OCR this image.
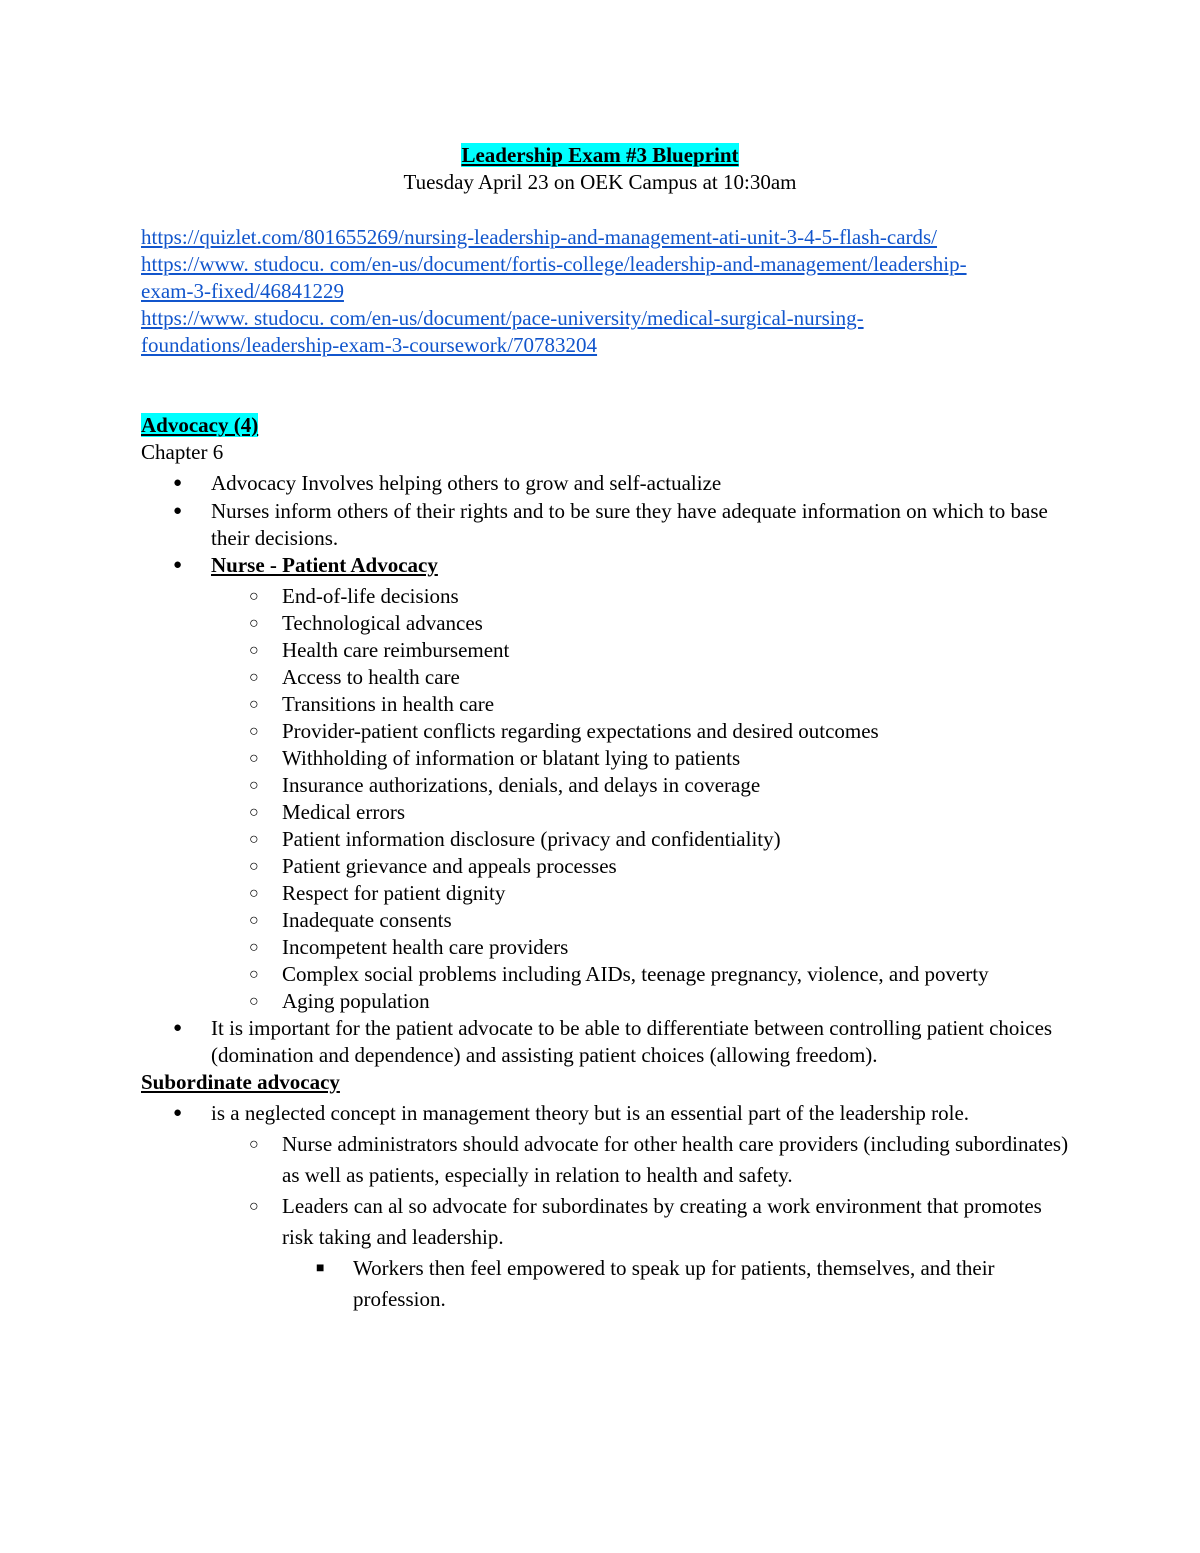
Leadership Exam #3 Blueprint
Tuesday April 23 on OEK Campus at 10:30am
https://quizlet.com/801655269/nursing-leadership-and-management-ati-unit-3-4-5-flash-cards/
https://www. studocu. com/en-us/document/fortis-college/leadership-and-management/leadership-
exam-3-fixed/46841229
https://www. studocu. com/en-us/document/pace-university/medical-surgical-nursing-
foundations/leadership-exam-3-coursework/70783204
Advocacy (4)
Chapter 6
● Advocacy Involves helping others to grow and self-actualize
● Nurses inform others of their rights and to be sure they have adequate information on which to base their decisions.
● Nurse - Patient Advocacy
○ End-of-life decisions
○ Technological advances
○ Health care reimbursement
○ Access to health care
○ Transitions in health care
○ Provider-patient conflicts regarding expectations and desired outcomes
○ Withholding of information or blatant lying to patients
○ Insurance authorizations, denials, and delays in coverage
○ Medical errors
○ Patient information disclosure (privacy and confidentiality)
○ Patient grievance and appeals processes
○ Respect for patient dignity
○ Inadequate consents
○ Incompetent health care providers
○ Complex social problems including AIDs, teenage pregnancy, violence, and poverty
○ Aging population
● It is important for the patient advocate to be able to differentiate between controlling patient choices (domination and dependence) and assisting patient choices (allowing freedom).
Subordinate advocacy
● is a neglected concept in management theory but is an essential part of the leadership role.
○ Nurse administrators should advocate for other health care providers (including subordinates) as well as patients, especially in relation to health and safety.
○ Leaders can al so advocate for subordinates by creating a work environment that promotes risk taking and leadership.
■ Workers then feel empowered to speak up for patients, themselves, and their profession.
